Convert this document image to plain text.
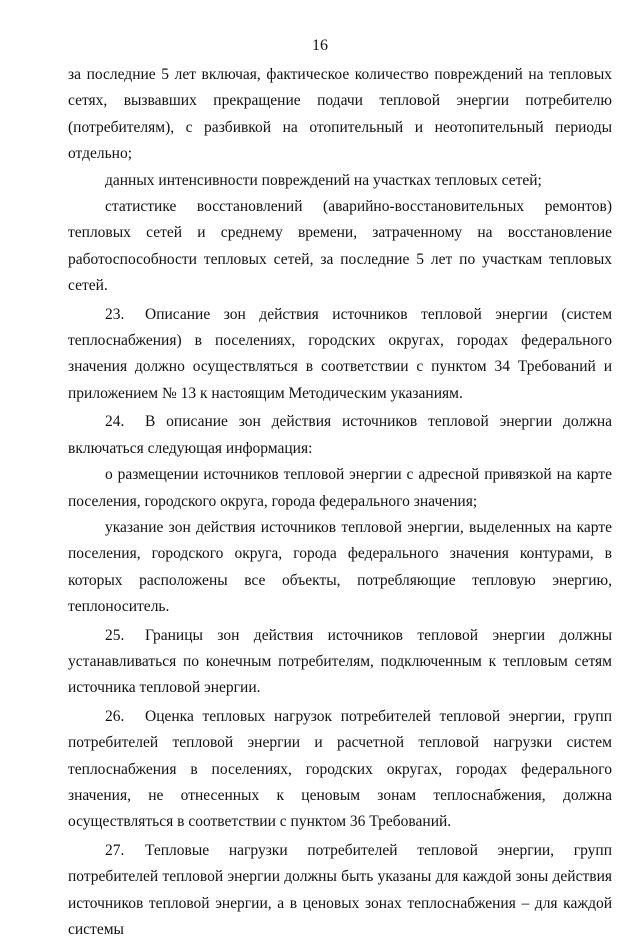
16

за последние 5 лет включая, фактическое количество повреждений на тепловых сетях, вызвавших прекращение подачи тепловой энергии потребителю (потребителям), с разбивкой на отопительный и неотопительный периоды отдельно;

данных интенсивности повреждений на участках тепловых сетей;

статистике восстановлений (аварийно-восстановительных ремонтов) тепловых сетей и среднему времени, затраченному на восстановление работоспособности тепловых сетей, за последние 5 лет по участкам тепловых сетей.

23. Описание зон действия источников тепловой энергии (систем теплоснабжения) в поселениях, городских округах, городах федерального значения должно осуществляться в соответствии с пунктом 34 Требований и приложением № 13 к настоящим Методическим указаниям.

24. В описание зон действия источников тепловой энергии должна включаться следующая информация:

о размещении источников тепловой энергии с адресной привязкой на карте поселения, городского округа, города федерального значения;

указание зон действия источников тепловой энергии, выделенных на карте поселения, городского округа, города федерального значения контурами, в которых расположены все объекты, потребляющие тепловую энергию, теплоноситель.

25. Границы зон действия источников тепловой энергии должны устанавливаться по конечным потребителям, подключенным к тепловым сетям источника тепловой энергии.

26. Оценка тепловых нагрузок потребителей тепловой энергии, групп потребителей тепловой энергии и расчетной тепловой нагрузки систем теплоснабжения в поселениях, городских округах, городах федерального значения, не отнесенных к ценовым зонам теплоснабжения, должна осуществляться в соответствии с пунктом 36 Требований.

27. Тепловые нагрузки потребителей тепловой энергии, групп потребителей тепловой энергии должны быть указаны для каждой зоны действия источников тепловой энергии, а в ценовых зонах теплоснабжения – для каждой системы
